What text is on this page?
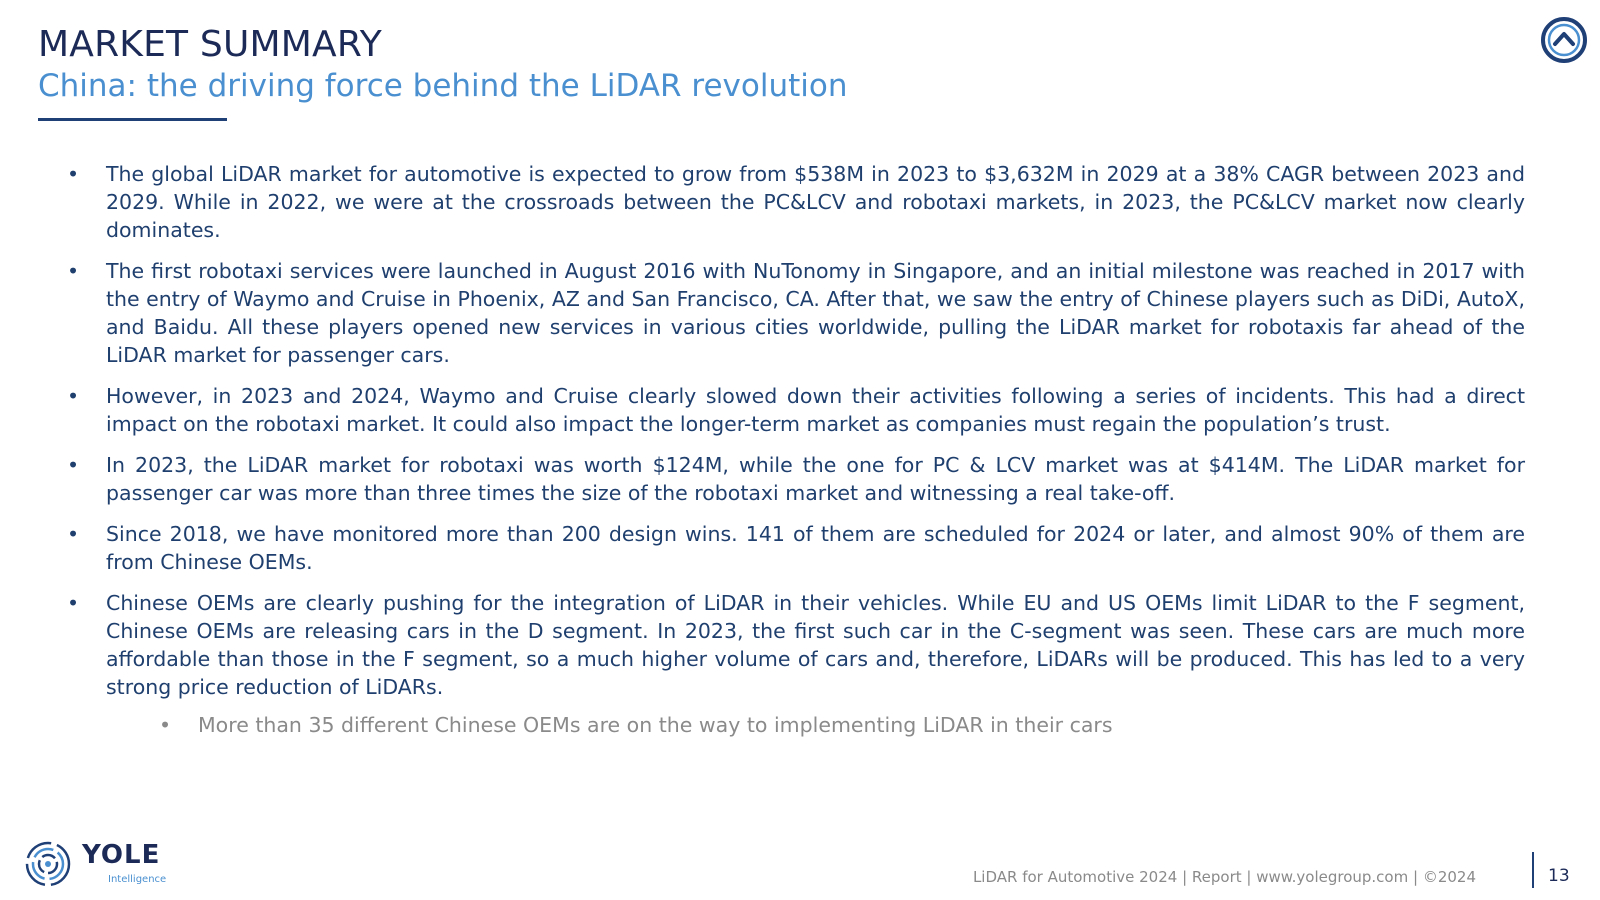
MARKET SUMMARY
China: the driving force behind the LiDAR revolution
•	The global LiDAR market for automotive is expected to grow from $538M in 2023 to $3,632M in 2029 at a 38% CAGR between 2023 and 2029. While in 2022, we were at the crossroads between the PC&LCV and robotaxi markets, in 2023, the PC&LCV market now clearly dominates.
•	The first robotaxi services were launched in August 2016 with NuTonomy in Singapore, and an initial milestone was reached in 2017 with the entry of Waymo and Cruise in Phoenix, AZ and San Francisco, CA. After that, we saw the entry of Chinese players such as DiDi, AutoX, and Baidu. All these players opened new services in various cities worldwide, pulling the LiDAR market for robotaxis far ahead of the LiDAR market for passenger cars.
•	However, in 2023 and 2024, Waymo and Cruise clearly slowed down their activities following a series of incidents. This had a direct impact on the robotaxi market. It could also impact the longer-term market as companies must regain the population’s trust.
•	In 2023, the LiDAR market for robotaxi was worth $124M, while the one for PC & LCV market was at $414M. The LiDAR market for passenger car was more than three times the size of the robotaxi market and witnessing a real take-off.
•	Since 2018, we have monitored more than 200 design wins. 141 of them are scheduled for 2024 or later, and almost 90% of them are from Chinese OEMs.
•	Chinese OEMs are clearly pushing for the integration of LiDAR in their vehicles. While EU and US OEMs limit LiDAR to the F segment, Chinese OEMs are releasing cars in the D segment. In 2023, the first such car in the C-segment was seen. These cars are much more affordable than those in the F segment, so a much higher volume of cars and, therefore, LiDARs will be produced. This has led to a very strong price reduction of LiDARs.
• More than 35 different Chinese OEMs are on the way to implementing LiDAR in their cars
YOLE
Intelligence	LiDAR for Automotive 2024 | Report | www.yolegroup.com | ©2024	13
